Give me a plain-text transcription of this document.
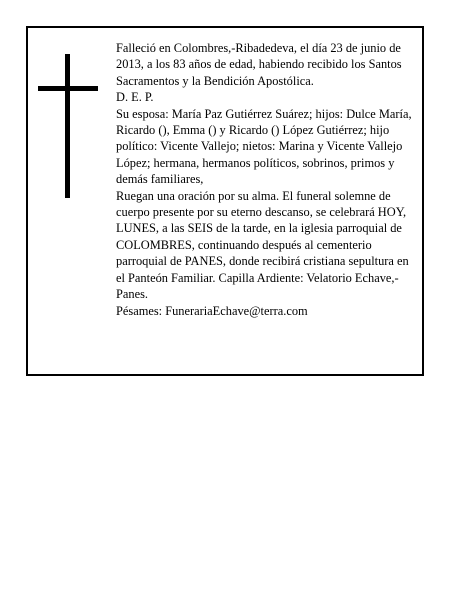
Falleció en Colombres,-Ribadedeva, el día 23 de junio de 2013, a los 83 años de edad, habiendo recibido los Santos Sacramentos y la Bendición Apostólica.

D. E. P.

Su esposa: María Paz Gutiérrez Suárez; hijos: Dulce María, Ricardo (), Emma () y Ricardo () López Gutiérrez; hijo político: Vicente Vallejo; nietos: Marina y Vicente Vallejo López; hermana, hermanos políticos, sobrinos, primos y demás familiares,

Ruegan una oración por su alma. El funeral solemne de cuerpo presente por su eterno descanso, se celebrará HOY, LUNES, a las SEIS de la tarde, en la iglesia parroquial de COLOMBRES, continuando después al cementerio parroquial de PANES, donde recibirá cristiana sepultura en el Panteón Familiar. Capilla Ardiente: Velatorio Echave,- Panes.

Pésames: FunerariaEchave@terra.com
